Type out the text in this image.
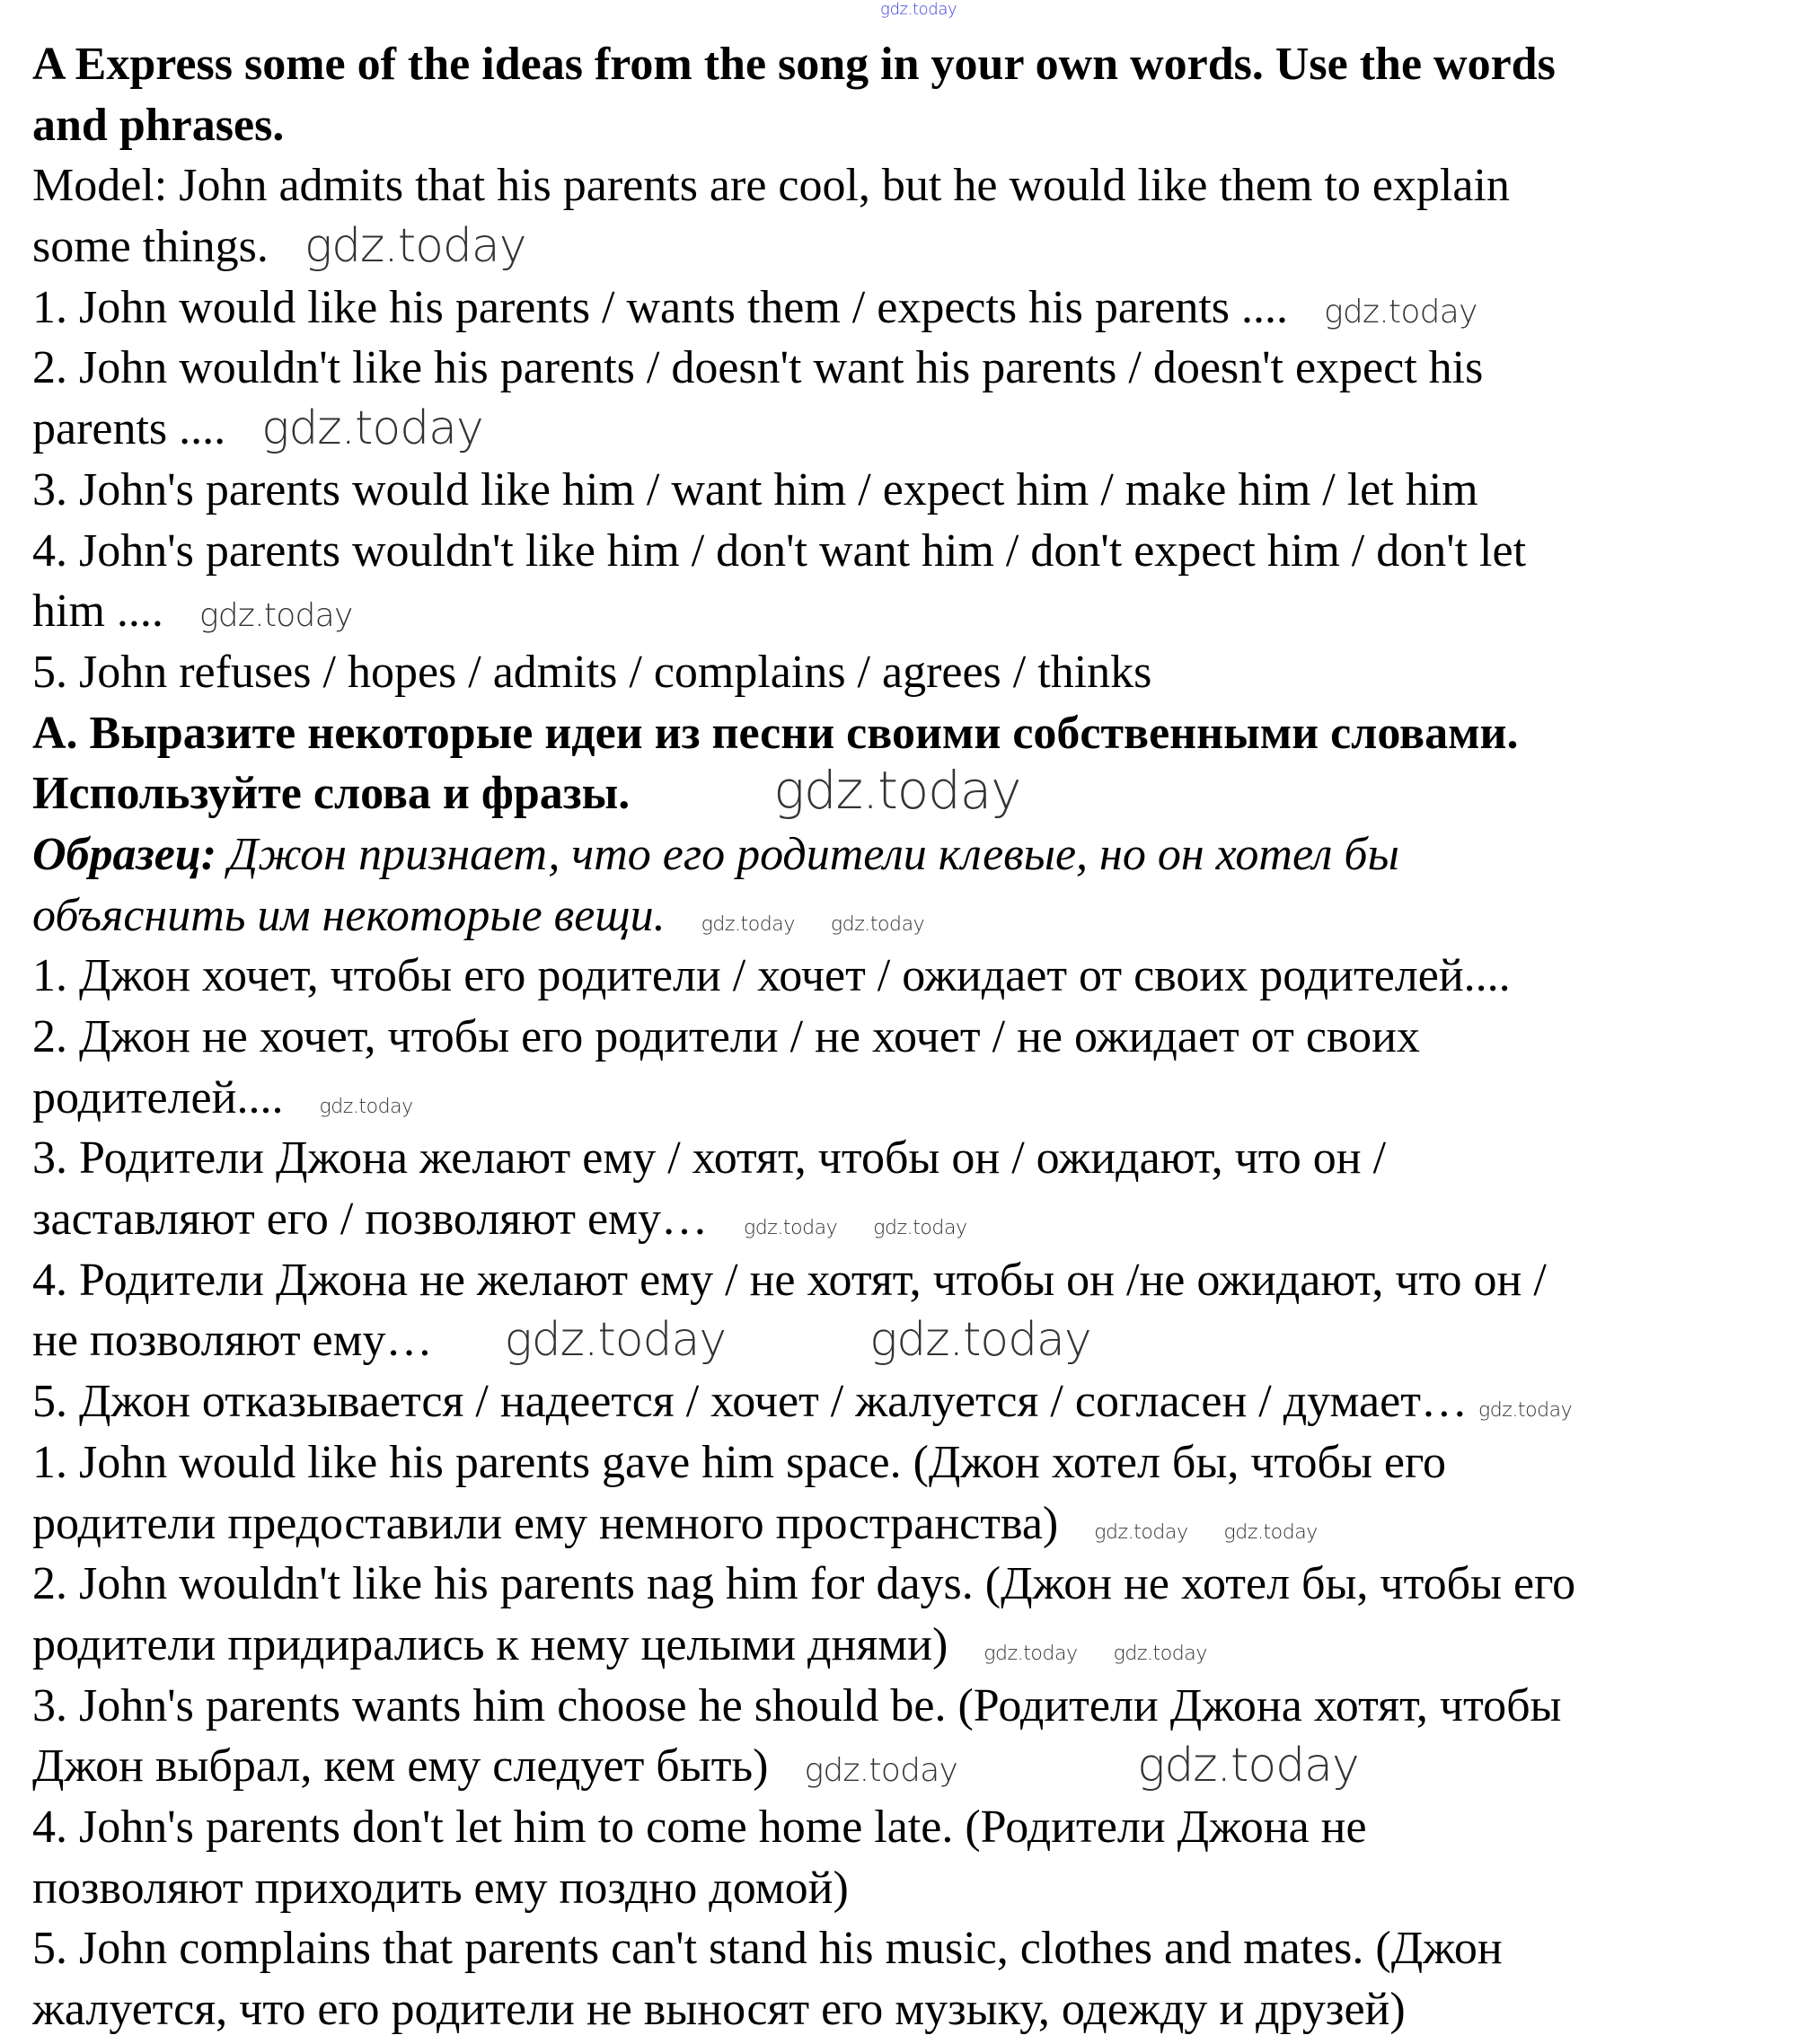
gdz.today
A Express some of the ideas from the song in your own words. Use the words
and phrases.
Model: John admits that his parents are cool, but he would like them to explain
some things. gdz.today
1. John would like his parents / wants them / expects his parents .... gdz.today
2. John wouldn't like his parents / doesn't want his parents / doesn't expect his
parents .... gdz.today
3. John's parents would like him / want him / expect him / make him / let him
4. John's parents wouldn't like him / don't want him / don't expect him / don't let
him .... gdz.today
5. John refuses / hopes / admits / complains / agrees / thinks
А. Выразите некоторые идеи из песни своими собственными словами.
Используйте слова и фразы.	gdz.today
Образец: Джон признает, что его родители клевые, но он хотел бы
объяснить им некоторые вещи. gdz.today gdz.today
1. Джон хочет, чтобы его родители / хочет / ожидает от своих родителей....
2. Джон не хочет, чтобы его родители / не хочет / не ожидает от своих
родителей.... gdz.today
3. Родители Джона желают ему / хотят, чтобы он / ожидают, что он /
заставляют его / позволяют ему… gdz.today gdz.today
4. Родители Джона не желают ему / не хотят, чтобы он /не ожидают, что он /
не позволяют ему… gdz.today	gdz.today
5. Джон отказывается / надеется / хочет / жалуется / согласен / думает… gdz.today
1. John would like his parents gave him space. (Джон хотел бы, чтобы его
родители предоставили ему немного пространства) gdz.today gdz.today
2. John wouldn't like his parents nag him for days. (Джон не хотел бы, чтобы его
родители придирались к нему целыми днями) gdz.today gdz.today
3. John's parents wants him choose he should be. (Родители Джона хотят, чтобы
Джон выбрал, кем ему следует быть) gdz.today	gdz.today
4. John's parents don't let him to come home late. (Родители Джона не
позволяют приходить ему поздно домой)
5. John complains that parents can't stand his music, clothes and mates. (Джон
жалуется, что его родители не выносят его музыку, одежду и друзей)
